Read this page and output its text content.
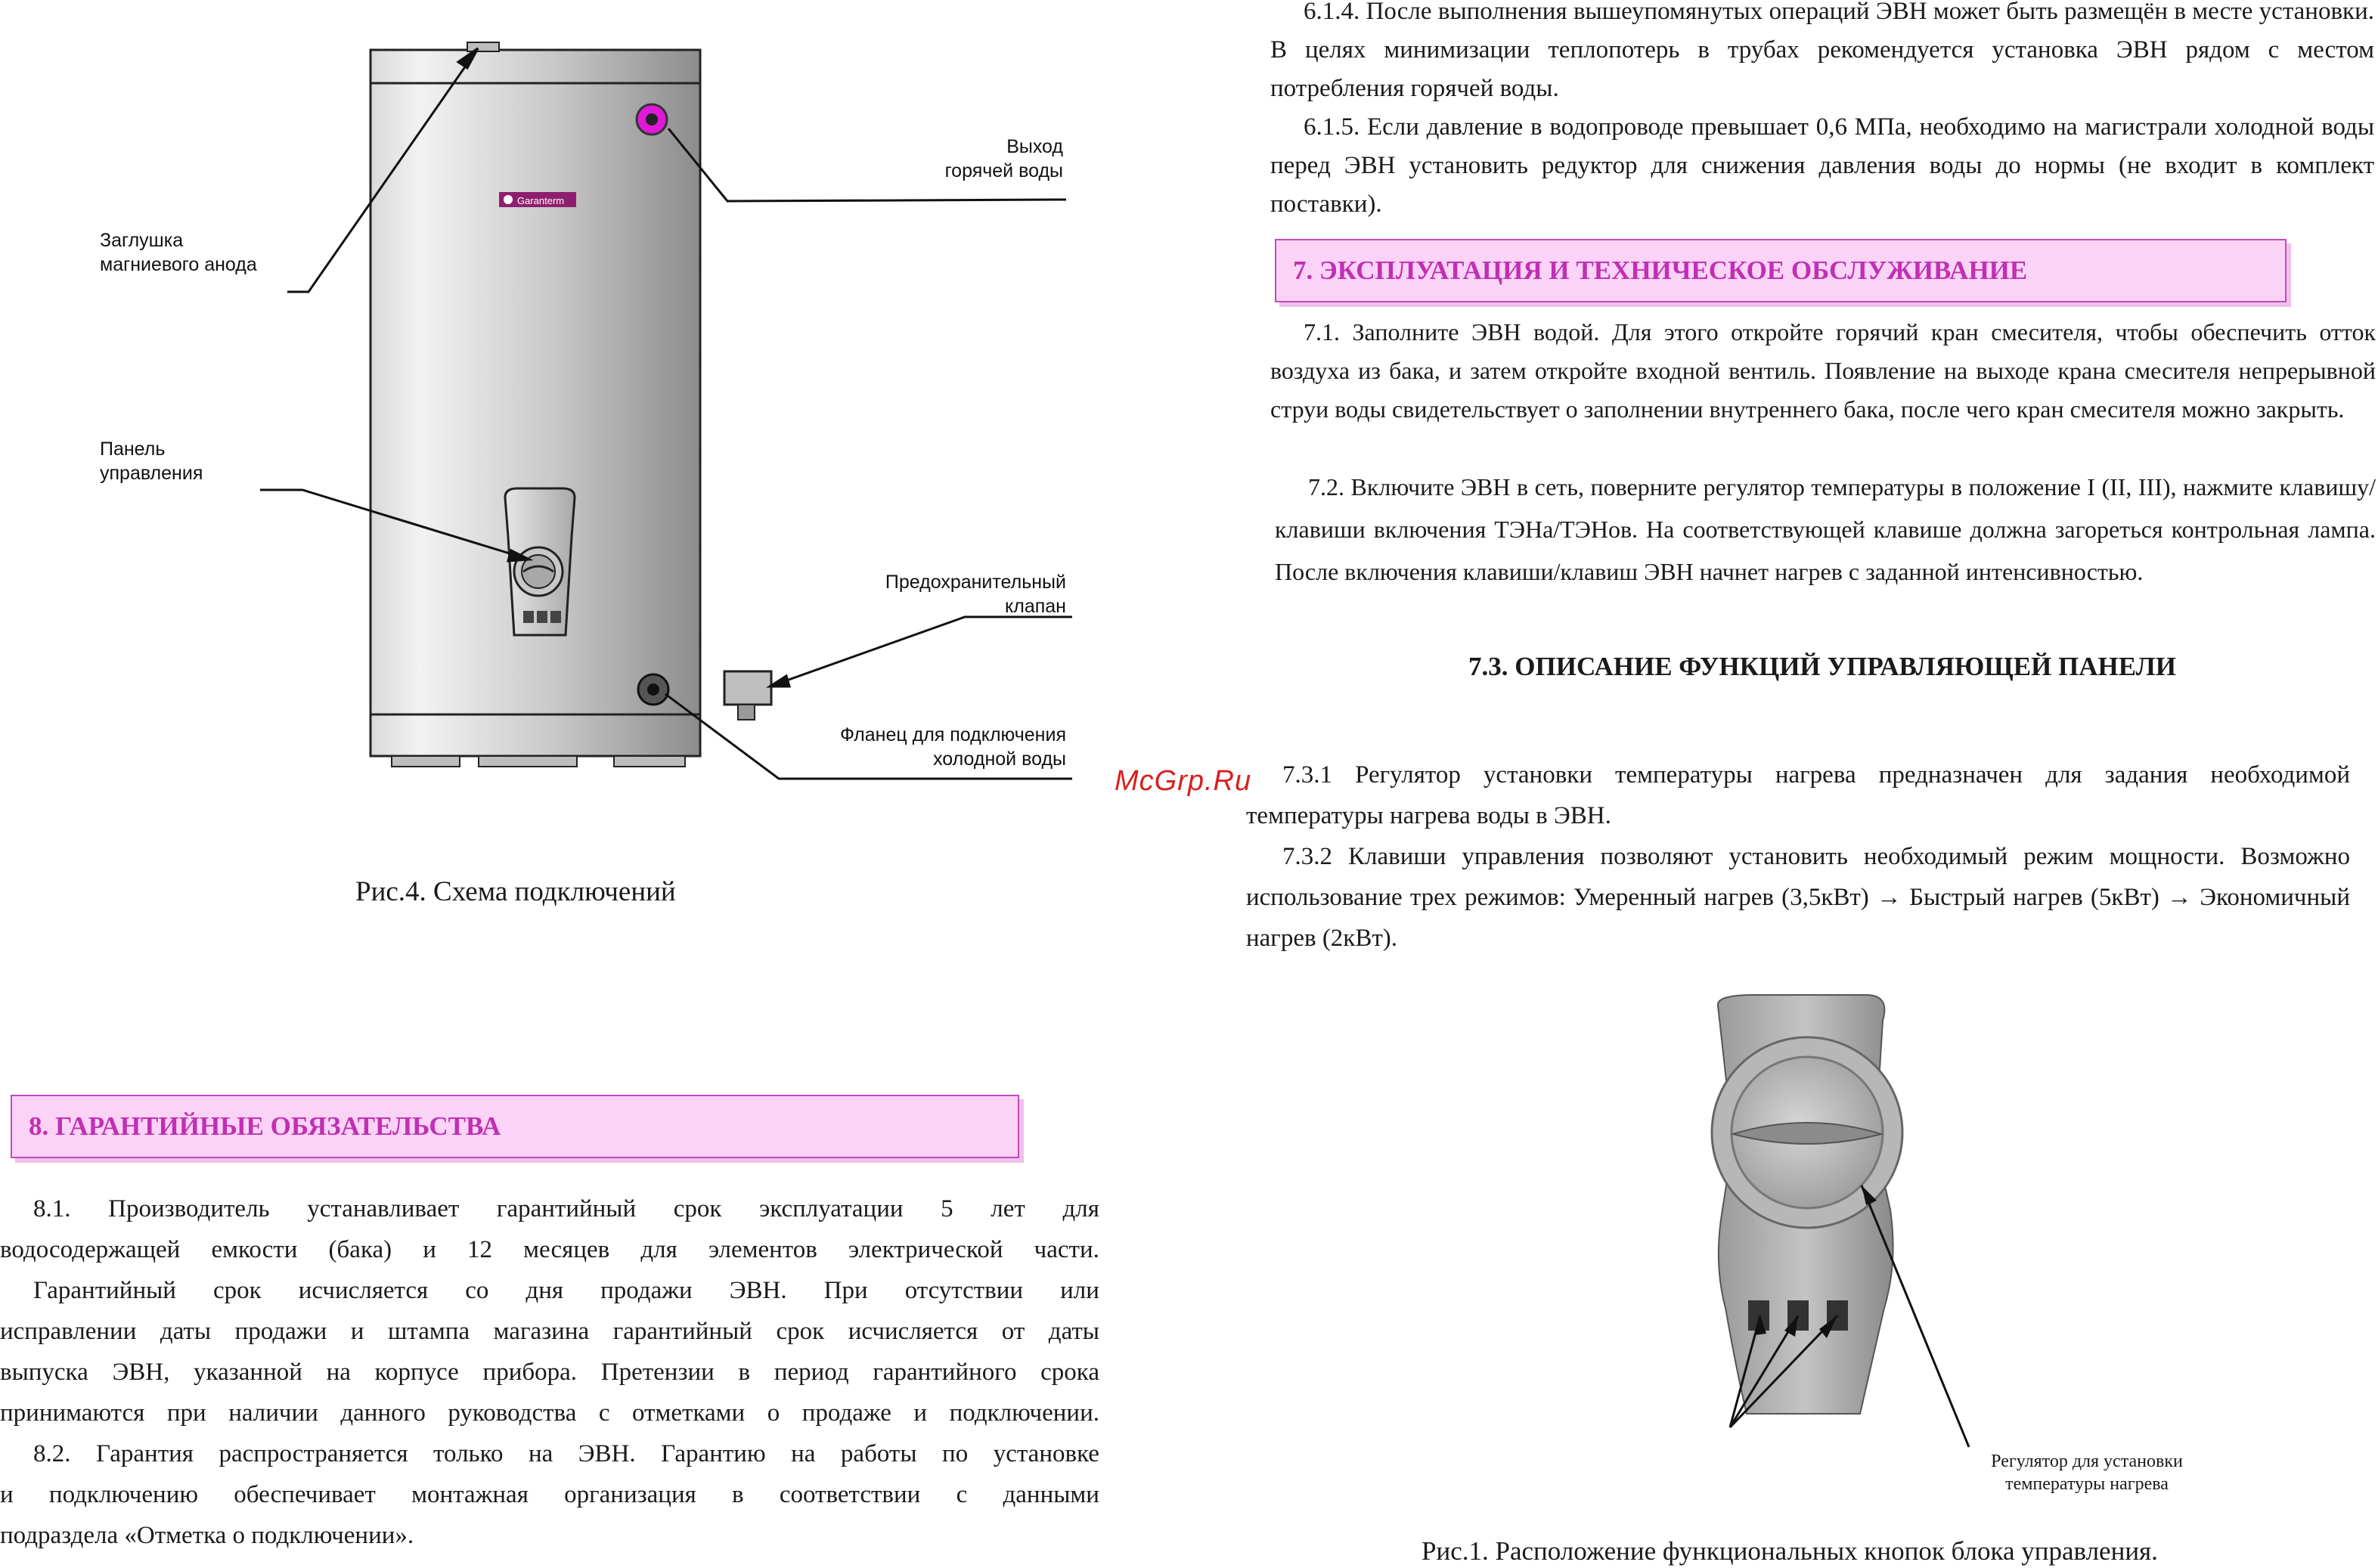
Garanterm
Заглушка
магниевого анода
Выход
горячей воды
Панель
управления
Предохранительный
клапан
Фланец для подключения
холодной воды
Рис.4. Схема подключений
8. ГАРАНТИЙНЫЕ ОБЯЗАТЕЛЬСТВА
8.1. Производитель устанавливает гарантийный срок эксплуатации 5 лет для
водосодержащей емкости (бака) и 12 месяцев для элементов электрической части.
Гарантийный срок исчисляется со дня продажи ЭВН. При отсутствии или
исправлении даты продажи и штампа магазина гарантийный срок исчисляется от даты
выпуска ЭВН, указанной на корпусе прибора. Претензии в период гарантийного срока
принимаются при наличии данного руководства с отметками о продаже и подключении.
8.2. Гарантия распространяется только на ЭВН. Гарантию на работы по установке
и подключению обеспечивает монтажная организация в соответствии с данными
подраздела «Отметка о подключении».

6.1.4. После выполнения вышеупомянутых операций ЭВН может быть размещён в месте установки. В целях минимизации теплопотерь в трубах рекомендуется установка ЭВН рядом с местом потребления горячей воды.

6.1.5. Если давление в водопроводе превышает 0,6 МПа, необходимо на магистрали холодной воды перед ЭВН установить редуктор для снижения давления воды до нормы (не входит в комплект поставки).

7. ЭКСПЛУАТАЦИЯ И ТЕХНИЧЕСКОЕ ОБСЛУЖИВАНИЕ

7.1. Заполните ЭВН водой. Для этого откройте горячий кран смесителя, чтобы обеспечить отток воздуха из бака, и затем откройте входной вентиль. Появление на выходе крана смесителя непрерывной струи воды свидетельствует о заполнении внутреннего бака, после чего кран смесителя можно закрыть.

7.2. Включите ЭВН в сеть, поверните регулятор температуры в положение I (II, III), нажмите клавишу/клавиши включения ТЭНа/ТЭНов. На соответствующей клавише должна загореться контрольная лампа. После включения клавиши/клавиш ЭВН начнет нагрев с заданной интенсивностью.

7.3. ОПИСАНИЕ ФУНКЦИЙ УПРАВЛЯЮЩЕЙ ПАНЕЛИ
McGrp.Ru	7.3.1 Регулятор установки температуры нагрева предназначен для задания необходимой температуры нагрева воды в ЭВН.

7.3.2 Клавиши управления позволяют установить необходимый режим мощности. Возможно использование трех режимов: Умеренный нагрев (3,5кВт) → Быстрый нагрев (5кВт) → Экономичный нагрев (2кВт).

Регулятор для установки
температуры нагрева
Рис.1. Расположение функциональных кнопок блока управления.
